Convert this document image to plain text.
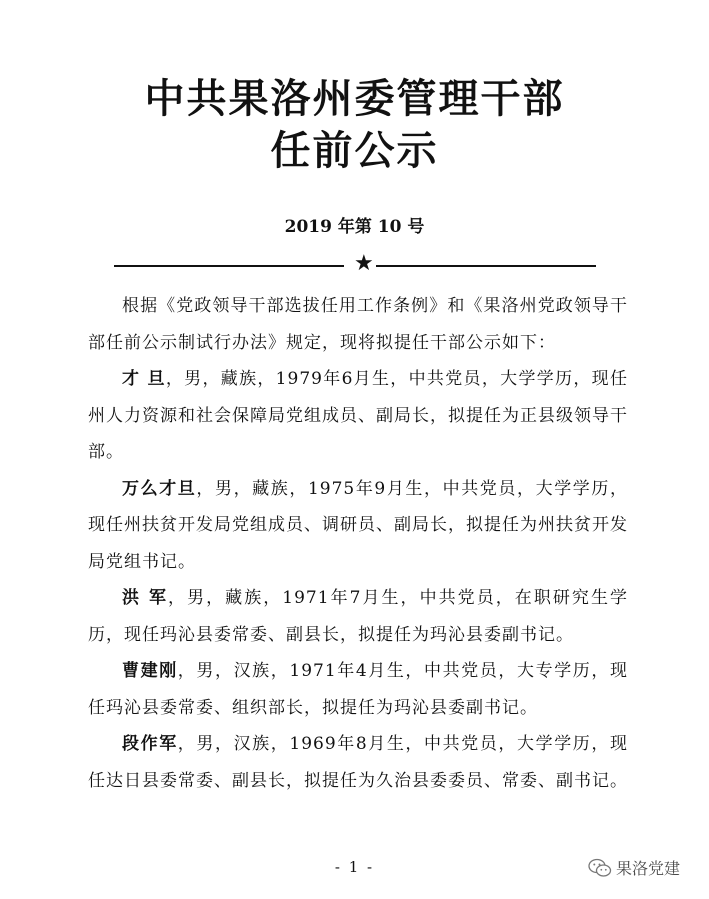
中共果洛州委管理干部
任前公示
2019 年第 10 号
★

根据《党政领导干部选拔任用工作条例》和《果洛州党政领导干部任前公示制试行办法》规定，现将拟提任干部公示如下：

才 旦，男，藏族，1979年6月生，中共党员，大学学历，现任州人力资源和社会保障局党组成员、副局长，拟提任为正县级领导干部。

万么才旦，男，藏族，1975年9月生，中共党员，大学学历，现任州扶贫开发局党组成员、调研员、副局长，拟提任为州扶贫开发局党组书记。

洪 军，男，藏族，1971年7月生，中共党员，在职研究生学历，现任玛沁县委常委、副县长，拟提任为玛沁县委副书记。

曹建刚，男，汉族，1971年4月生，中共党员，大专学历，现任玛沁县委常委、组织部长，拟提任为玛沁县委副书记。

段作军，男，汉族，1969年8月生，中共党员，大学学历，现任达日县委常委、副县长，拟提任为久治县委委员、常委、副书记。

- 1 -	果洛党建
